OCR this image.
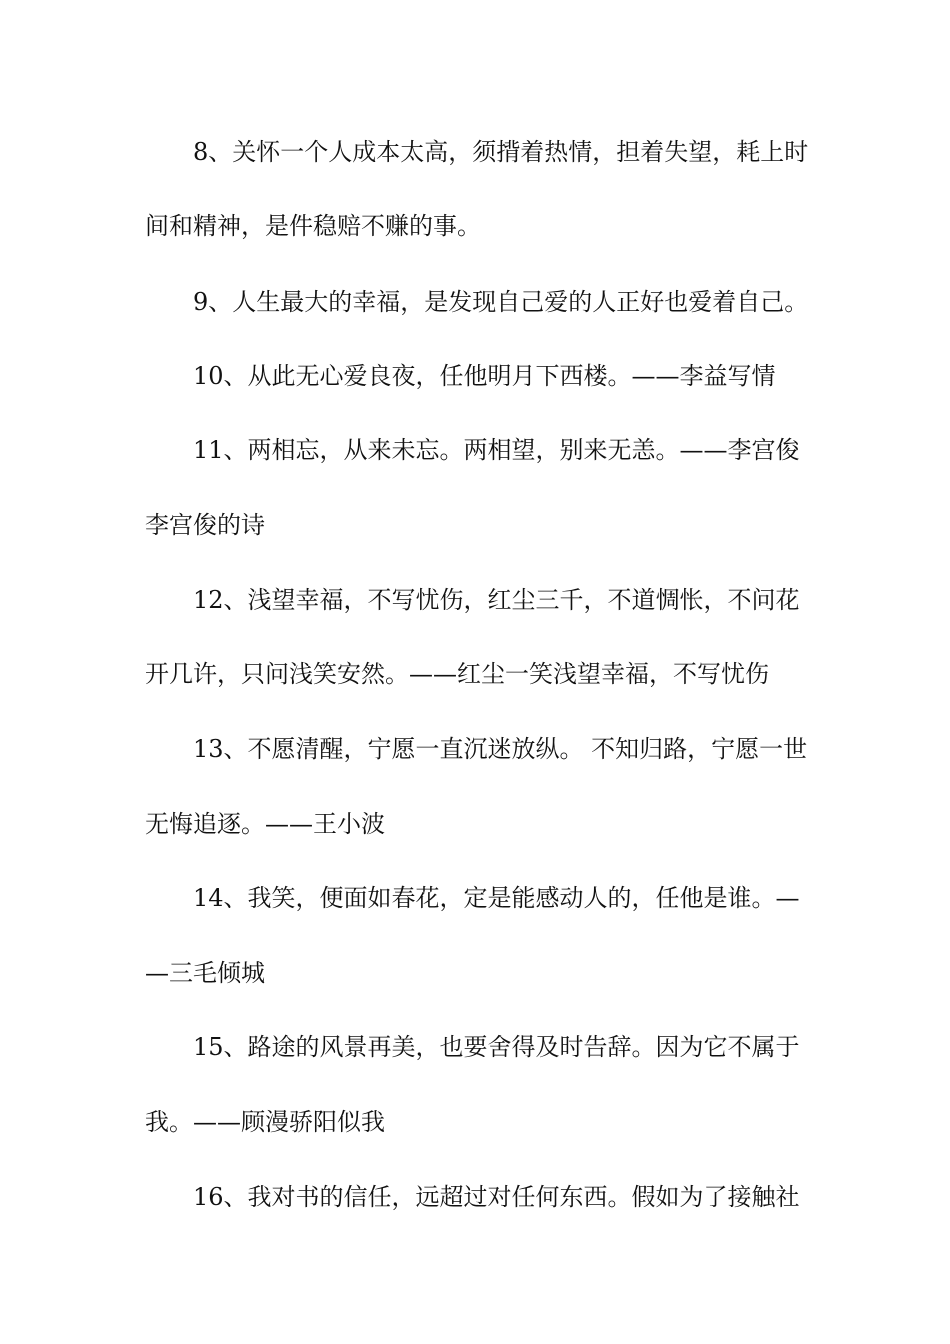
8、关怀一个人成本太高，须揹着热情，担着失望，耗上时
间和精神，是件稳赔不赚的事。
9、人生最大的幸福，是发现自己爱的人正好也爱着自己。
10、从此无心爱良夜，任他明月下西楼。——李益写情
11、两相忘，从来未忘。两相望，别来无恙。——李宫俊
李宫俊的诗
12、浅望幸福，不写忧伤，红尘三千，不道惆怅，不问花
开几许，只问浅笑安然。——红尘一笑浅望幸福，不写忧伤
13、不愿清醒，宁愿一直沉迷放纵。 不知归路，宁愿一世
无悔追逐。——王小波
14、我笑，便面如春花，定是能感动人的，任他是谁。—
—三毛倾城
15、路途的风景再美，也要舍得及时告辞。因为它不属于
我。——顾漫骄阳似我
16、我对书的信任，远超过对任何东西。假如为了接触社
